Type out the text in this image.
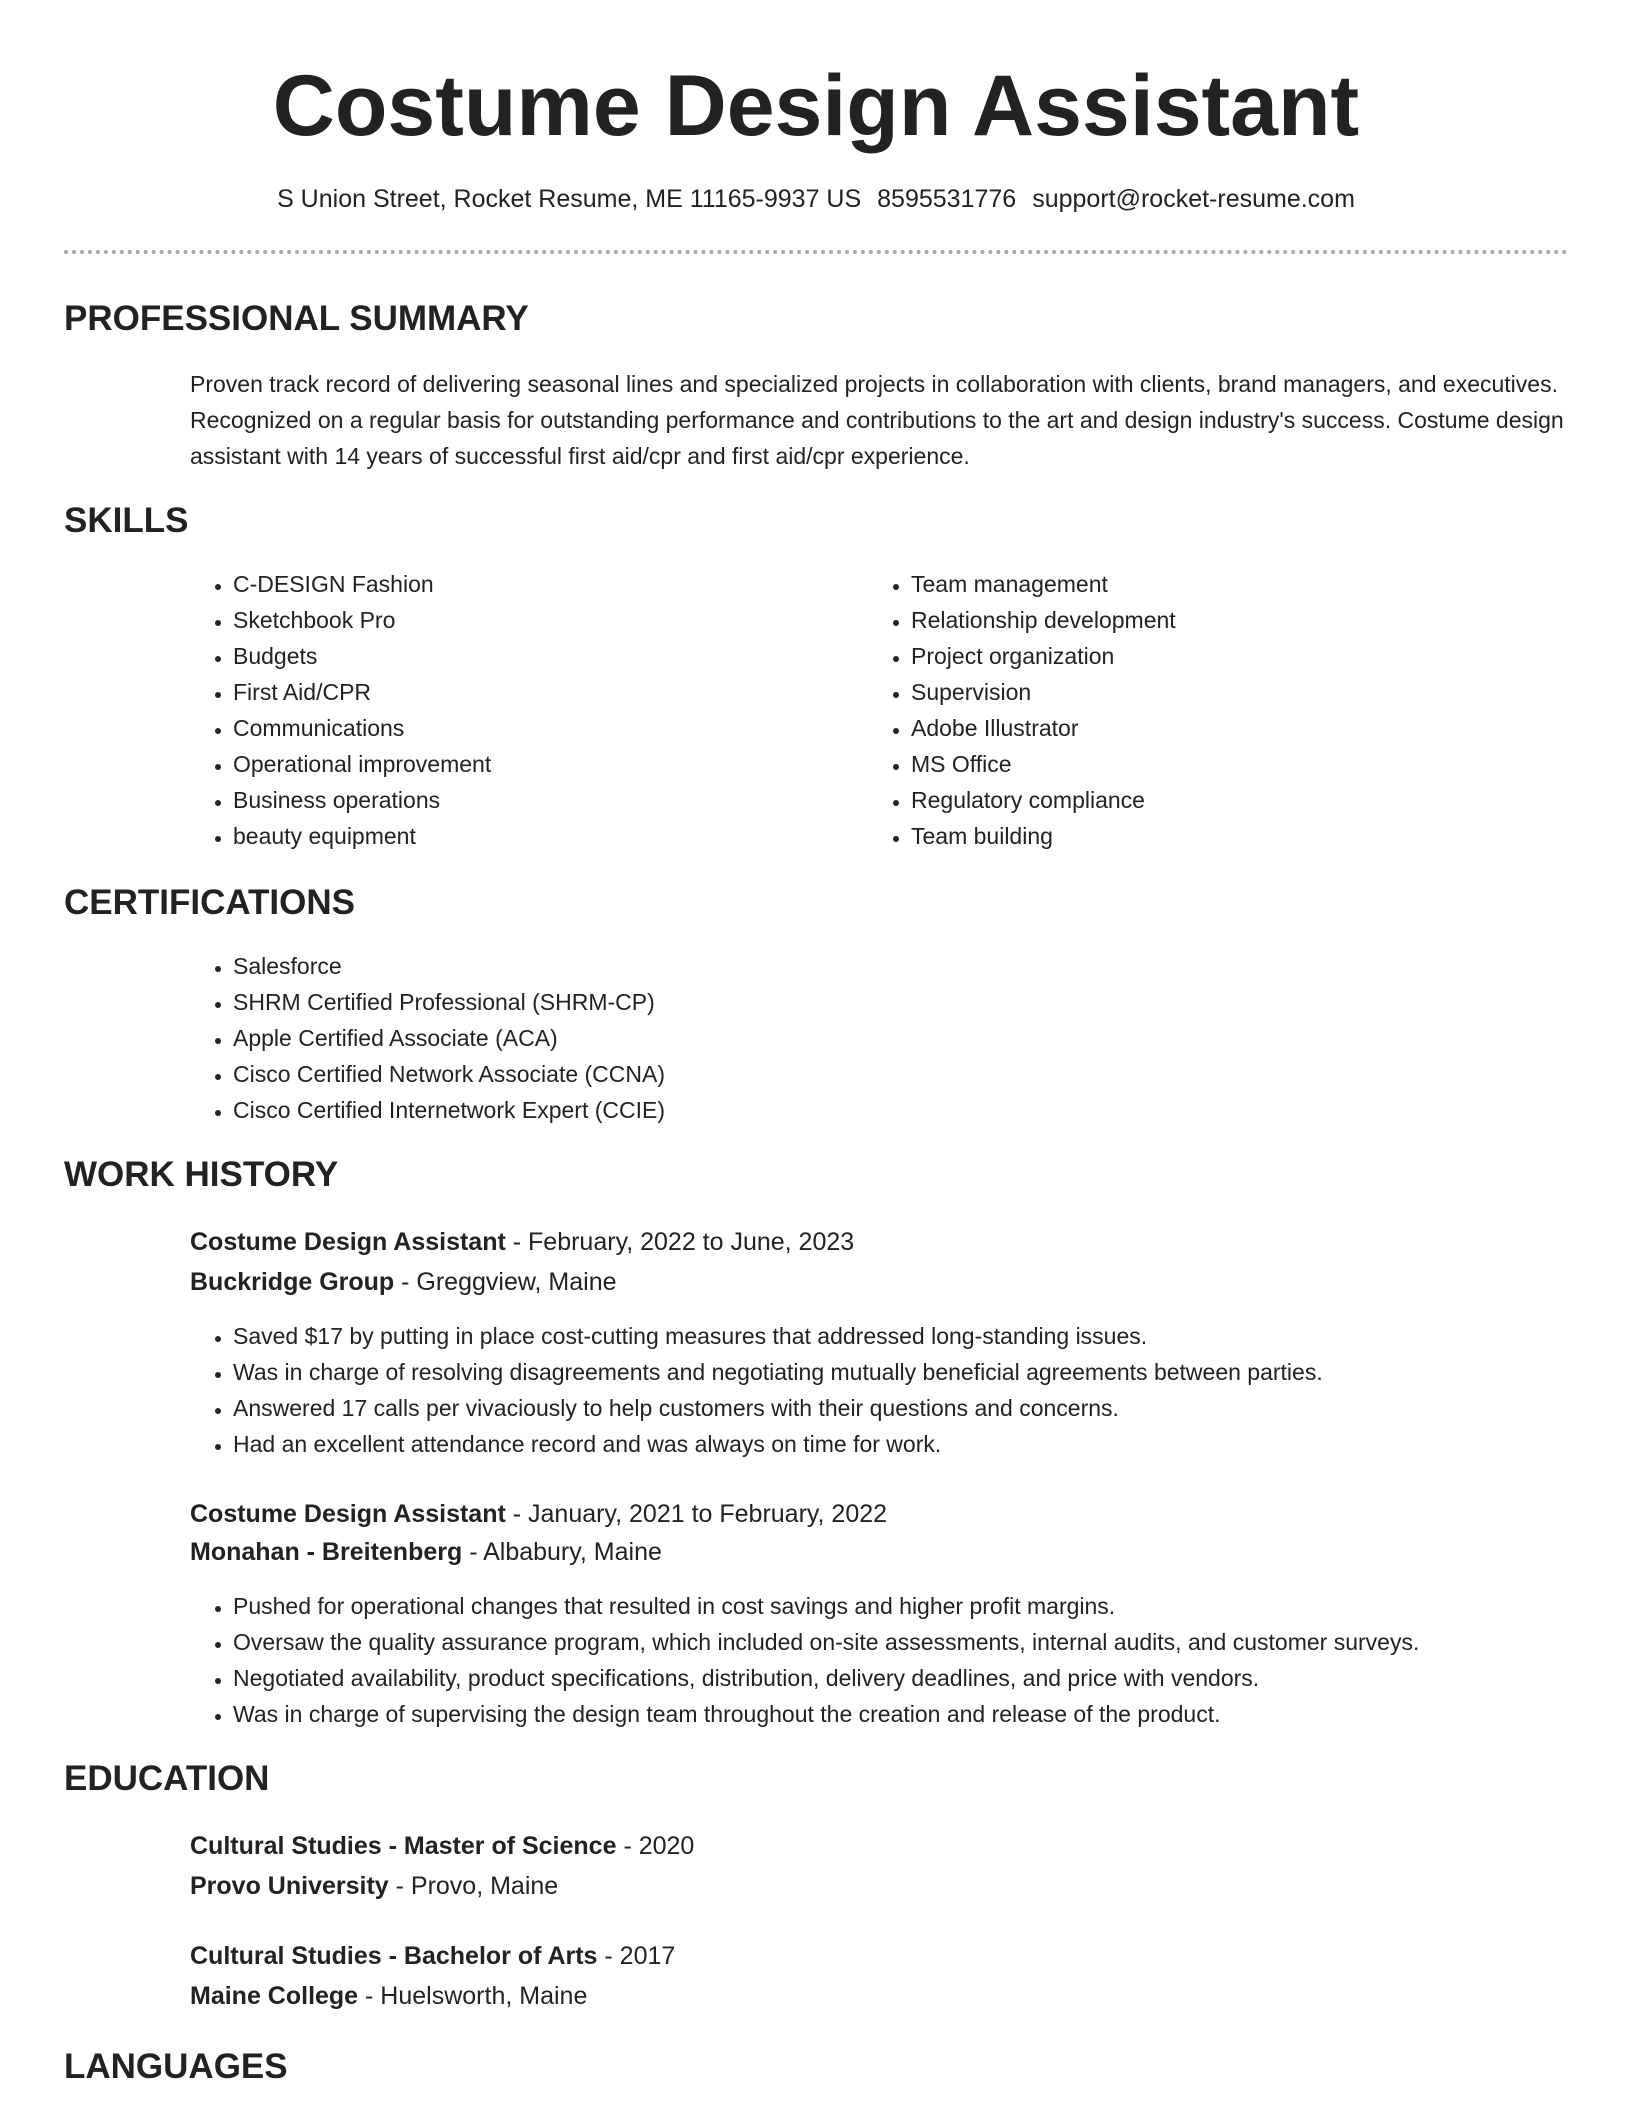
Costume Design Assistant
S Union Street, Rocket Resume, ME 11165-9937 US 8595531776 support@rocket-resume.com
PROFESSIONAL SUMMARY

Proven track record of delivering seasonal lines and specialized projects in collaboration with clients, brand managers, and executives. Recognized on a regular basis for outstanding performance and contributions to the art and design industry's success. Costume design assistant with 14 years of successful first aid/cpr and first aid/cpr experience.

SKILLS
• C-DESIGN Fashion
• Sketchbook Pro
• Budgets
• First Aid/CPR
• Communications
• Operational improvement
• Business operations
• beauty equipment
• Team management
• Relationship development
• Project organization
• Supervision
• Adobe Illustrator
• MS Office
• Regulatory compliance
• Team building
CERTIFICATIONS
• Salesforce
• SHRM Certified Professional (SHRM-CP)
• Apple Certified Associate (ACA)
• Cisco Certified Network Associate (CCNA)
• Cisco Certified Internetwork Expert (CCIE)
WORK HISTORY
Costume Design Assistant - February, 2022 to June, 2023
Buckridge Group - Greggview, Maine
• Saved $17 by putting in place cost-cutting measures that addressed long-standing issues.
• Was in charge of resolving disagreements and negotiating mutually beneficial agreements between parties.
• Answered 17 calls per vivaciously to help customers with their questions and concerns.
• Had an excellent attendance record and was always on time for work.
Costume Design Assistant - January, 2021 to February, 2022
Monahan - Breitenberg - Albabury, Maine
• Pushed for operational changes that resulted in cost savings and higher profit margins.
• Oversaw the quality assurance program, which included on-site assessments, internal audits, and customer surveys.
• Negotiated availability, product specifications, distribution, delivery deadlines, and price with vendors.
• Was in charge of supervising the design team throughout the creation and release of the product.
EDUCATION
Cultural Studies - Master of Science - 2020
Provo University - Provo, Maine
Cultural Studies - Bachelor of Arts - 2017
Maine College - Huelsworth, Maine
LANGUAGES
